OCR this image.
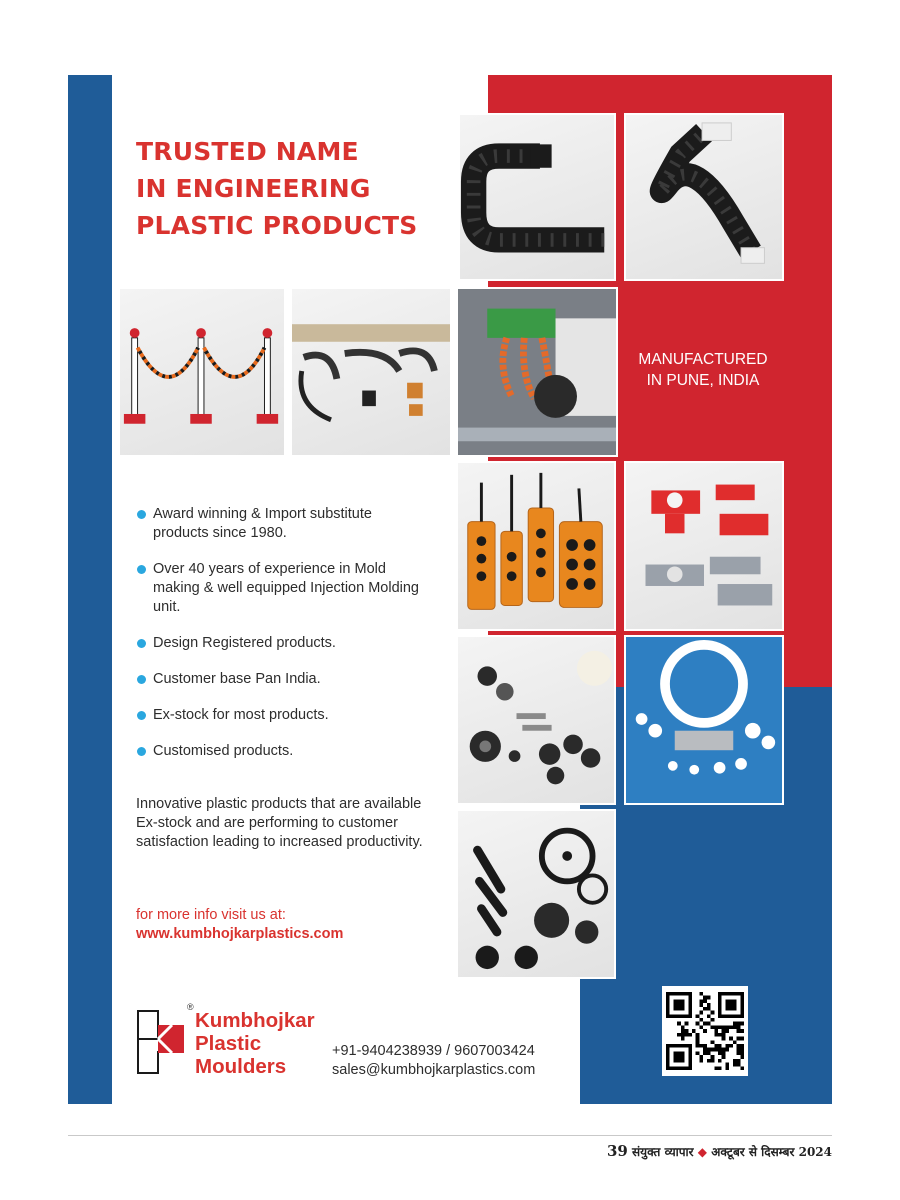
TRUSTED NAME
IN ENGINEERING
PLASTIC PRODUCTS
MANUFACTURED
IN PUNE, INDIA
Award winning & Import substitute products since 1980.
Over 40 years of experience in Mold making & well equipped Injection Molding unit.
Design Registered products.
Customer base Pan India.
Ex-stock for most products.
Customised products.

Innovative plastic products that are available Ex-stock and are performing to customer satisfaction leading to increased productivity.

for more info visit us at:
www.kumbhojkarplastics.com
®
Kumbhojkar
Plastic
Moulders
+91-9404238939 / 9607003424
sales@kumbhojkarplastics.com
39 संयुक्त व्यापार ◆ अक्टूबर से दिसम्बर 2024
